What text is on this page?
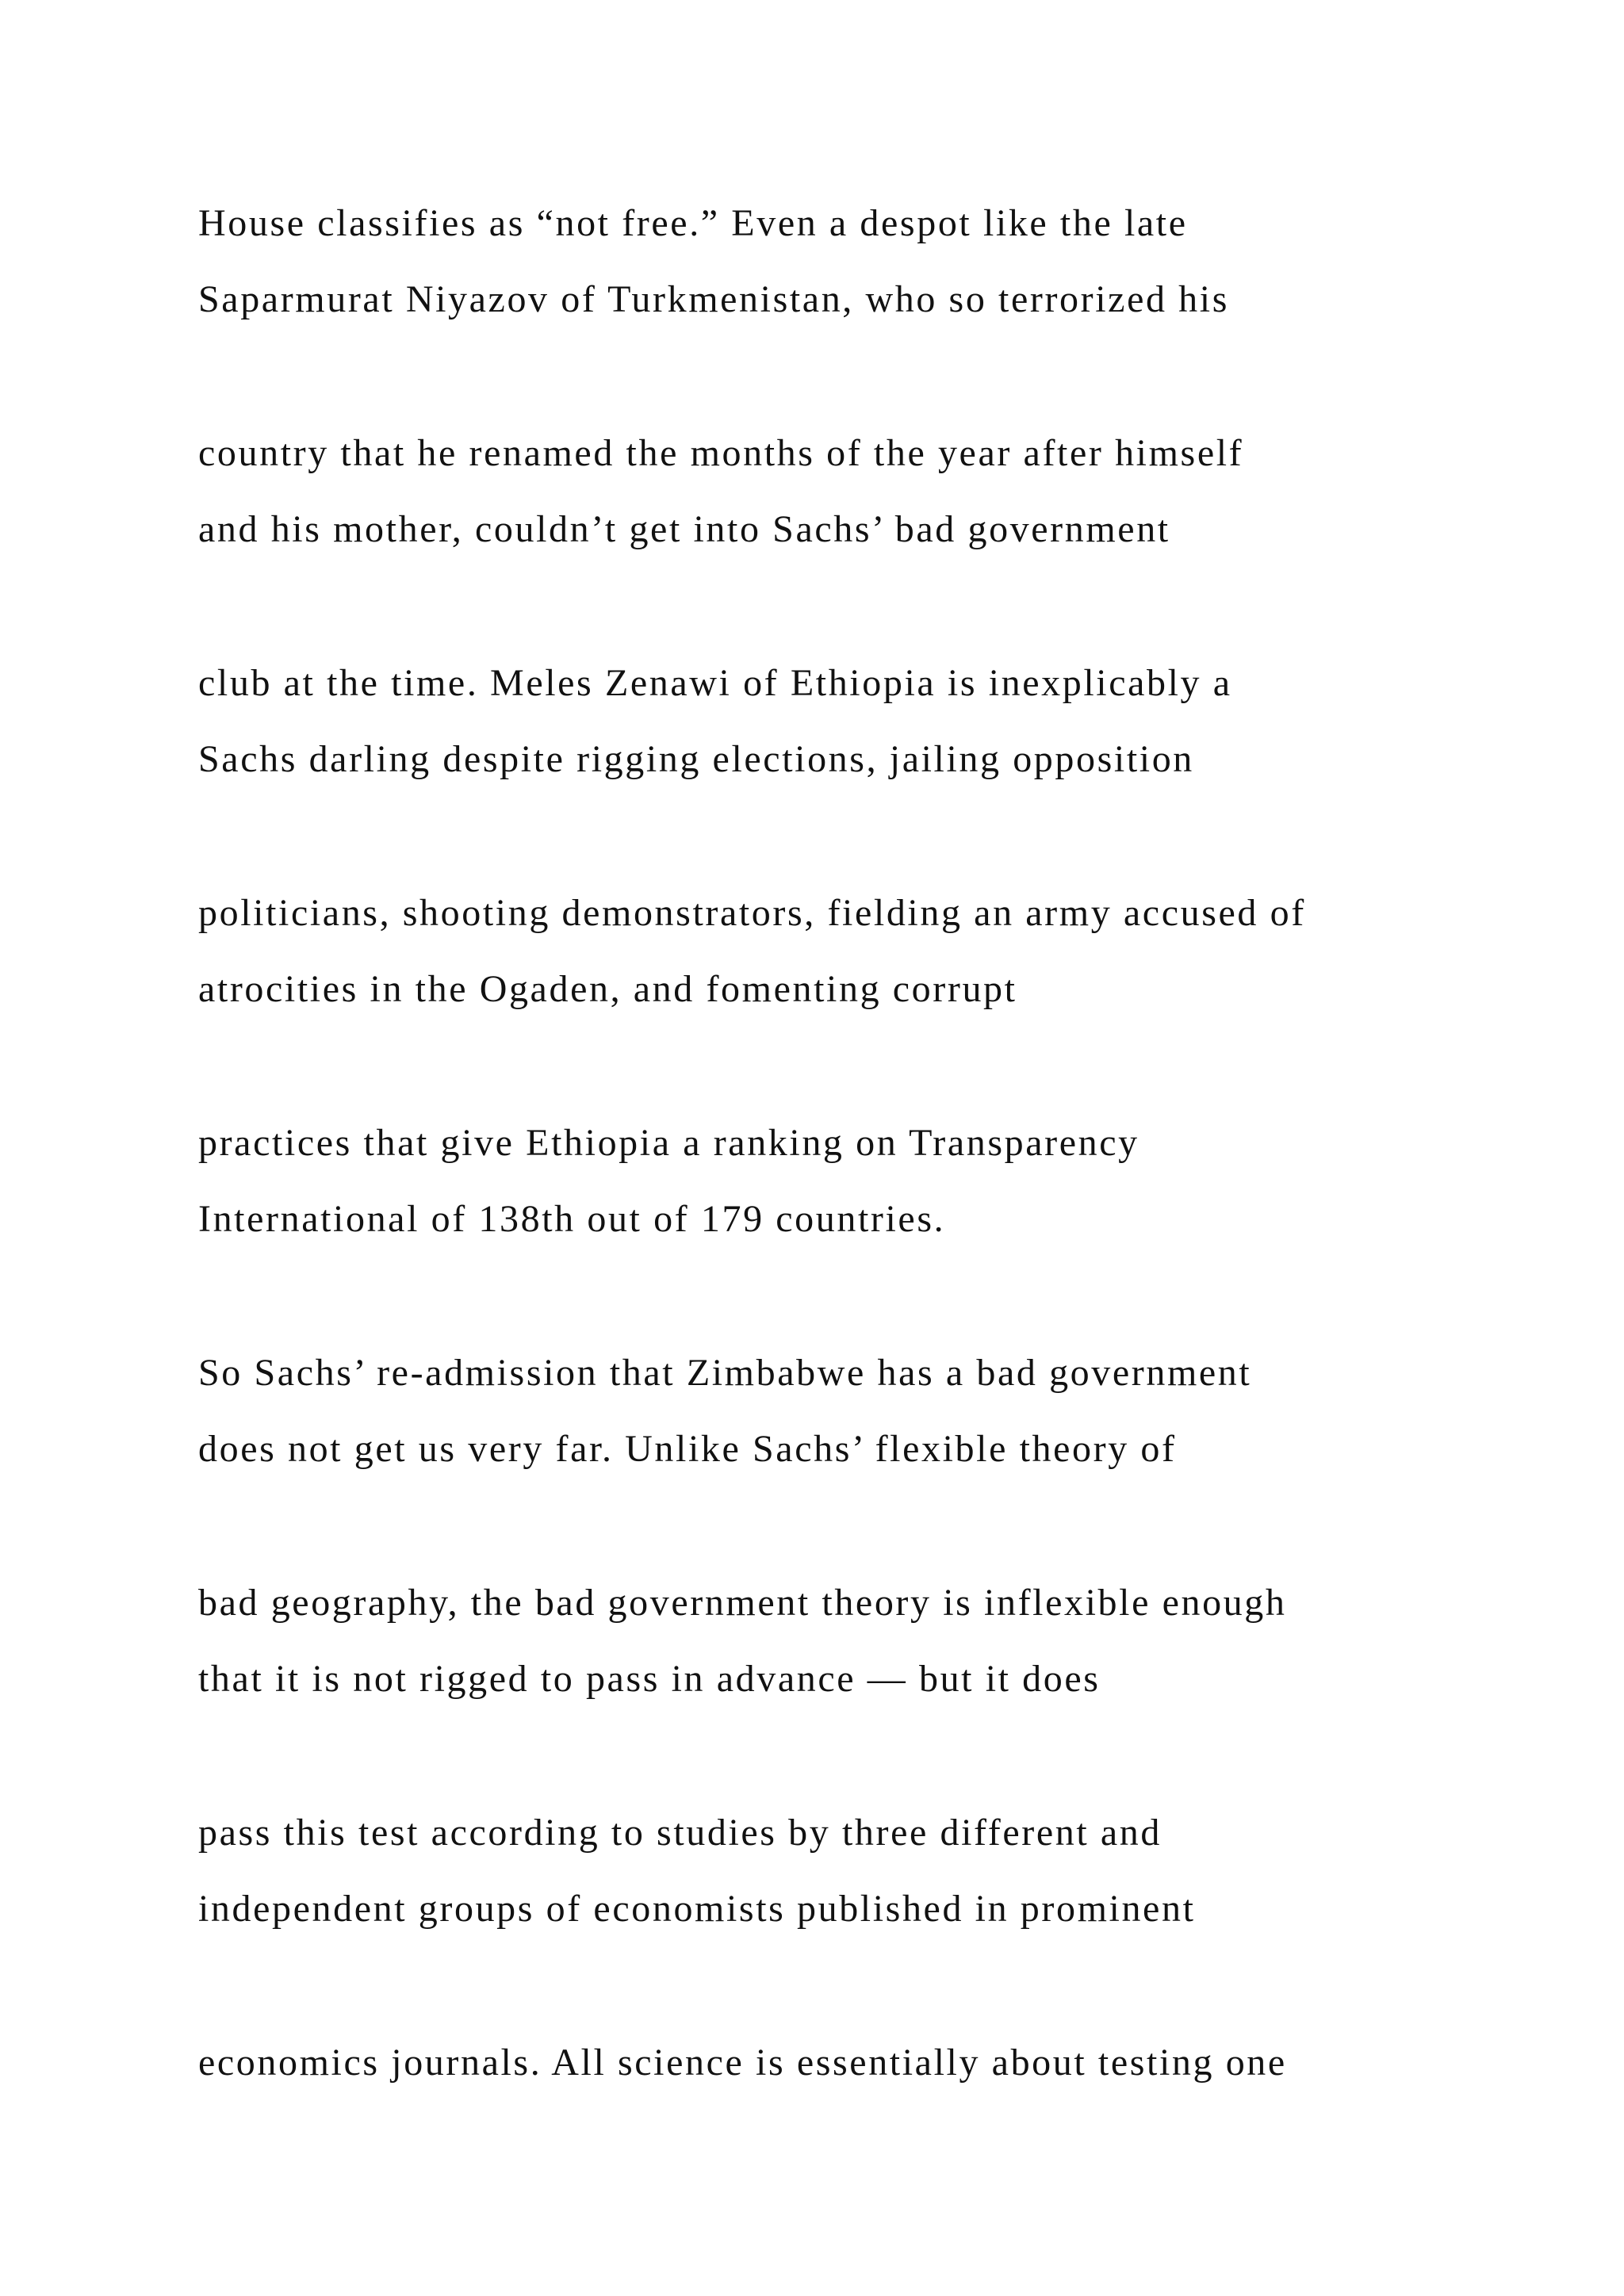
House classifies as “not free.” Even a despot like the late

Saparmurat Niyazov of Turkmenistan, who so terrorized his

country that he renamed the months of the year after himself

and his mother, couldn’t get into Sachs’ bad government

club at the time. Meles Zenawi of Ethiopia is inexplicably a

Sachs darling despite rigging elections, jailing opposition

politicians, shooting demonstrators, fielding an army accused of

atrocities in the Ogaden, and fomenting corrupt

practices that give Ethiopia a ranking on Transparency

International of 138th out of 179 countries.

So Sachs’ re-admission that Zimbabwe has a bad government

does not get us very far. Unlike Sachs’ flexible theory of

bad geography, the bad government theory is inflexible enough

that it is not rigged to pass in advance — but it does

pass this test according to studies by three different and

independent groups of economists published in prominent

economics journals. All science is essentially about testing one
